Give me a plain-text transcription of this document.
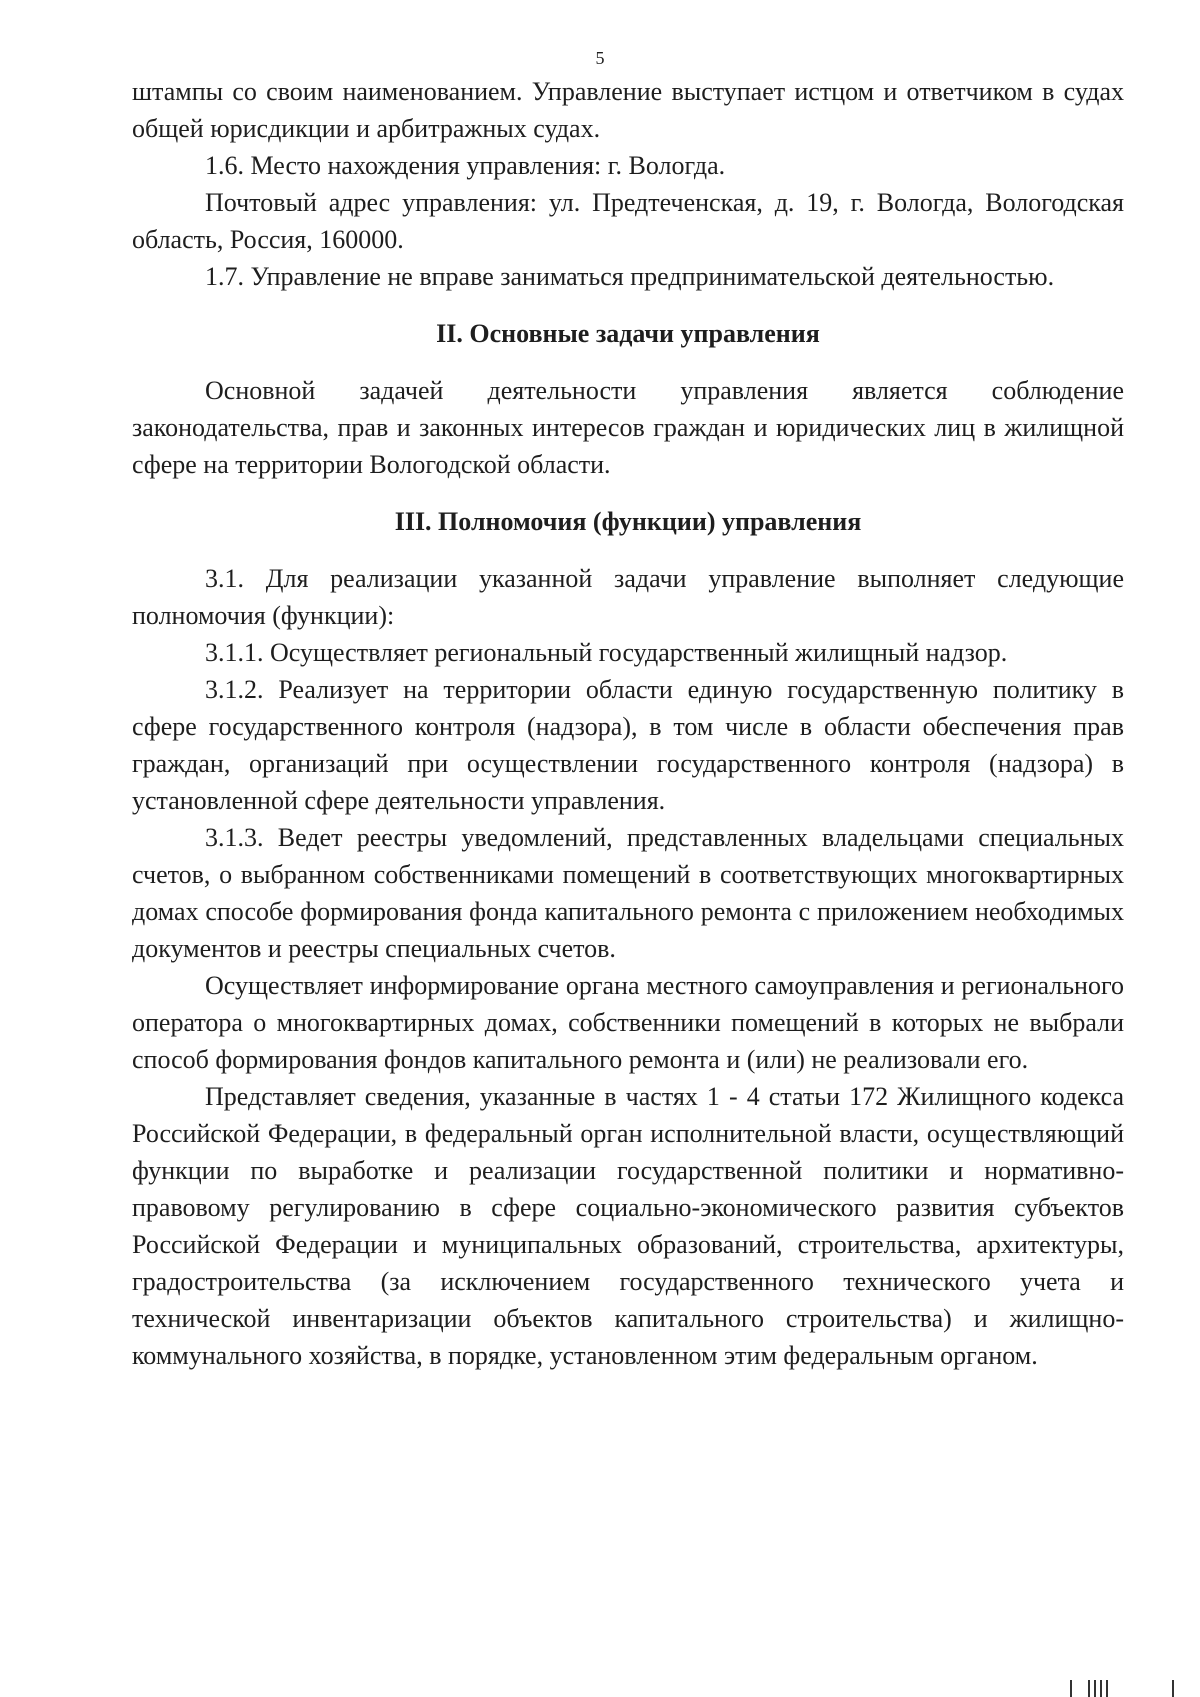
5

штампы со своим наименованием. Управление выступает истцом и ответчиком в судах общей юрисдикции и арбитражных судах.

1.6. Место нахождения управления: г. Вологда.

Почтовый адрес управления: ул. Предтеченская, д. 19, г. Вологда, Вологодская область, Россия, 160000.

1.7. Управление не вправе заниматься предпринимательской деятельностью.

II. Основные задачи управления

Основной задачей деятельности управления является соблюдение законодательства, прав и законных интересов граждан и юридических лиц в жилищной сфере на территории Вологодской области.

III. Полномочия (функции) управления

3.1. Для реализации указанной задачи управление выполняет следующие полномочия (функции):

3.1.1. Осуществляет региональный государственный жилищный надзор.

3.1.2. Реализует на территории области единую государственную политику в сфере государственного контроля (надзора), в том числе в области обеспечения прав граждан, организаций при осуществлении государственного контроля (надзора) в установленной сфере деятельности управления.

3.1.3. Ведет реестры уведомлений, представленных владельцами специальных счетов, о выбранном собственниками помещений в соответствующих многоквартирных домах способе формирования фонда капитального ремонта с приложением необходимых документов и реестры специальных счетов.

Осуществляет информирование органа местного самоуправления и регионального оператора о многоквартирных домах, собственники помещений в которых не выбрали способ формирования фондов капитального ремонта и (или) не реализовали его.

Представляет сведения, указанные в частях 1 - 4 статьи 172 Жилищного кодекса Российской Федерации, в федеральный орган исполнительной власти, осуществляющий функции по выработке и реализации государственной политики и нормативно-правовому регулированию в сфере социально-экономического развития субъектов Российской Федерации и муниципальных образований, строительства, архитектуры, градостроительства (за исключением государственного технического учета и технической инвентаризации объектов капитального строительства) и жилищно-коммунального хозяйства, в порядке, установленном этим федеральным органом.
